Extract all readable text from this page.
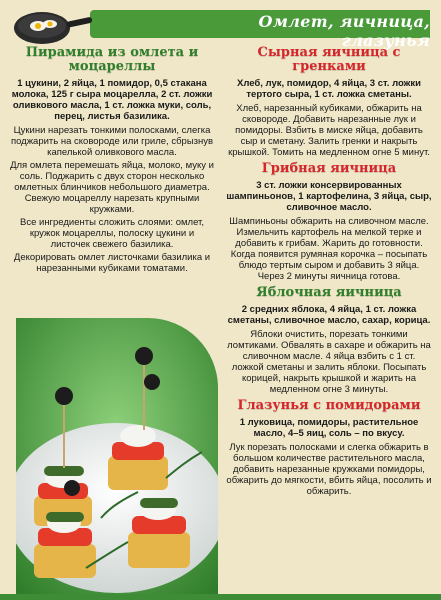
Омлет, яичница, глазунья
Пирамида из омлета и моцареллы
1 цукини, 2 яйца, 1 помидор, 0,5 стакана молока, 125 г сыра моцарелла, 2 ст. ложки оливкового масла, 1 ст. ложка муки, соль, перец, листья базилика.
Цукини нарезать тонкими полосками, слегка поджарить на сковороде или гриле, сбрызнув капелькой оливкового масла.
Для омлета перемешать яйца, молоко, муку и соль. Поджарить с двух сторон несколько омлетных блинчиков небольшого диаметра. Свежую моцареллу нарезать крупными кружками.
Все ингредиенты сложить слоями: омлет, кружок моцареллы, полоску цукини и листочек свежего базилика.
Декорировать омлет листочками базилика и нарезанными кубиками томатами.
Сырная яичница с гренками
Хлеб, лук, помидор, 4 яйца, 3 ст. ложки тертого сыра, 1 ст. ложка сметаны.
Хлеб, нарезанный кубиками, обжарить на сковороде. Добавить нарезанные лук и помидоры. Взбить в миске яйца, добавить сыр и сметану. Залить гренки и накрыть крышкой. Томить на медленном огне 5 минут.
Грибная яичница
3 ст. ложки консервированных шампиньонов, 1 картофелина, 3 яйца, сыр, сливочное масло.
Шампиньоны обжарить на сливочном масле. Измельчить картофель на мелкой терке и добавить к грибам. Жарить до готовности. Когда появится румяная корочка – посыпать блюдо тертым сыром и добавить 3 яйца. Через 2 минуты яичница готова.
Яблочная яичница
2 средних яблока, 4 яйца, 1 ст. ложка сметаны, сливочное масло, сахар, корица.
Яблоки очистить, порезать тонкими ломтиками. Обвалять в сахаре и обжарить на сливочном масле. 4 яйца взбить с 1 ст. ложкой сметаны и залить яблоки. Посыпать корицей, накрыть крышкой и жарить на медленном огне 3 минуты.
Глазунья с помидорами
1 луковица, помидоры, растительное масло, 4–5 яиц, соль – по вкусу.
Лук порезать полосками и слегка обжарить в большом количестве растительного масла, добавить нарезанные кружками помидоры, обжарить до мягкости, вбить яйца, посолить и обжарить.
